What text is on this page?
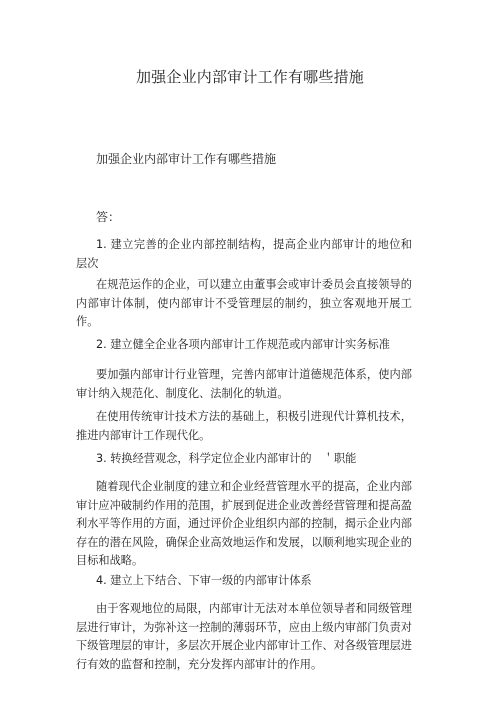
加强企业内部审计工作有哪些措施
加强企业内部审计工作有哪些措施
答：
1. 建立完善的企业内部控制结构，提高企业内部审计的地位和层次
在规范运作的企业，可以建立由董事会或审计委员会直接领导的内部审计体制，使内部审计不受管理层的制约，独立客观地开展工作。
2. 建立健全企业各项内部审计工作规范或内部审计实务标准
要加强内部审计行业管理，完善内部审计道德规范体系，使内部审计纳入规范化、制度化、法制化的轨道。
在使用传统审计技术方法的基础上，积极引进现代计算机技术，推进内部审计工作现代化。
3. 转换经营观念，科学定位企业内部审计的　＇职能
随着现代企业制度的建立和企业经营管理水平的提高，企业内部审计应冲破制约作用的范围，扩展到促进企业改善经营管理和提高盈利水平等作用的方面，通过评价企业组织内部的控制，揭示企业内部存在的潜在风险，确保企业高效地运作和发展，以顺利地实现企业的目标和战略。
4. 建立上下结合、下审一级的内部审计体系
由于客观地位的局限，内部审计无法对本单位领导者和同级管理层进行审计，为弥补这一控制的薄弱环节，应由上级内审部门负责对下级管理层的审计，多层次开展企业内部审计工作、对各级管理层进行有效的监督和控制，充分发挥内部审计的作用。
